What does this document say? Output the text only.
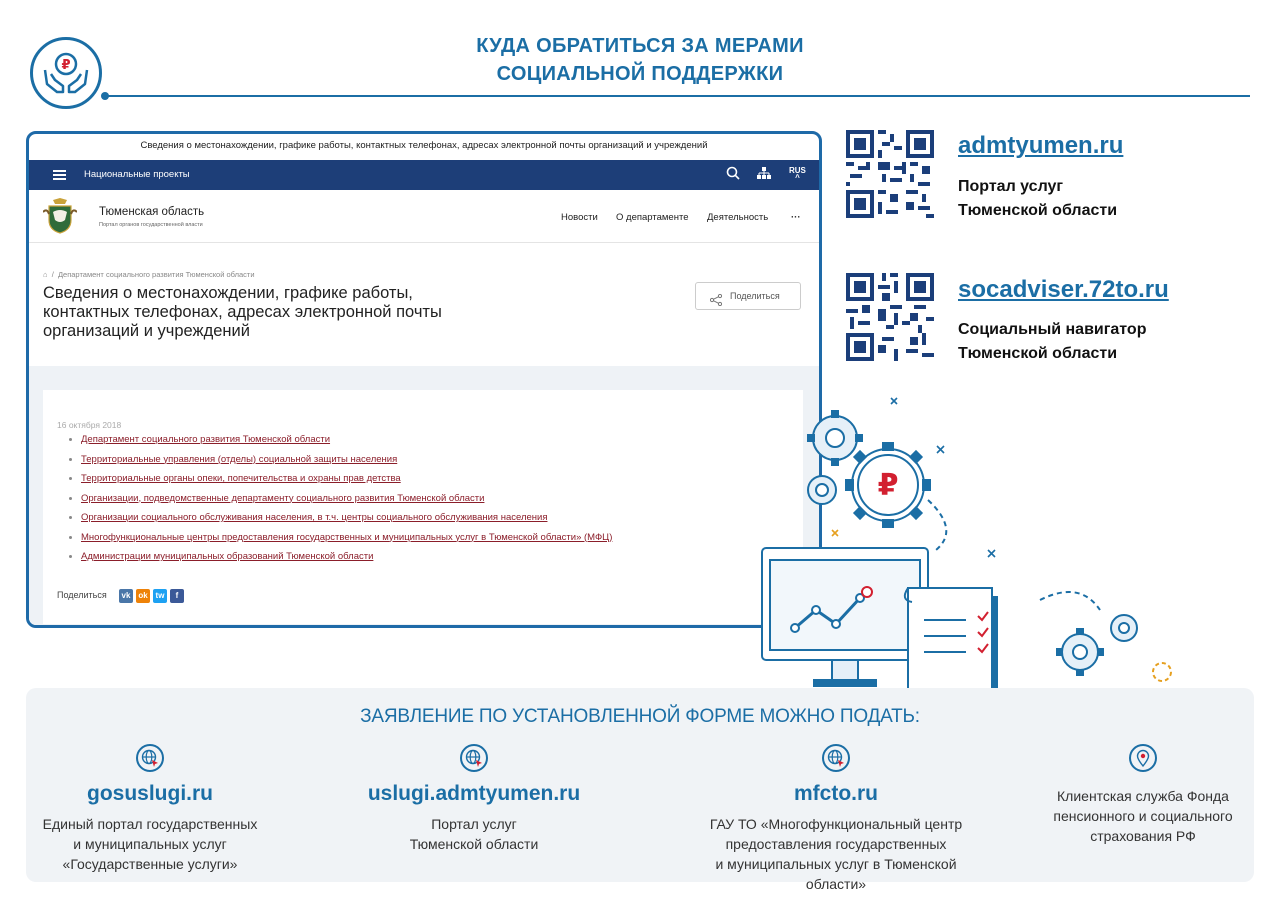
₽
КУДА ОБРАТИТЬСЯ ЗА МЕРАМИ
СОЦИАЛЬНОЙ ПОДДЕРЖКИ
Сведения о местонахождении, графике работы, контактных телефонах, адресах электронной почты организаций и учреждений
Национальные проекты	RUS
^
Тюменская область
Портал органов государственной власти
Новости О департаменте Деятельность ···
⌂  /  Департамент социального развития Тюменской области
Сведения о местонахождении, графике работы, контактных телефонах, адресах электронной почты организаций и учреждений
Поделиться
16 октября 2018
Департамент социального развития Тюменской области
Территориальные управления (отделы) социальной защиты населения
Территориальные органы опеки, попечительства и охраны прав детства
Организации, подведомственные департаменту социального развития Тюменской области
Организации социального обслуживания населения, в т.ч. центры социального обслуживания населения
Многофункциональные центры предоставления государственных и муниципальных услуг в Тюменской области» (МФЦ)
Администрации муниципальных образований Тюменской области
Поделиться	vk ok tw	f
admtyumen.ru
Портал услуг
Тюменской области
socadviser.72to.ru
Социальный навигатор
Тюменской области
₽
ЗАЯВЛЕНИЕ ПО УСТАНОВЛЕННОЙ ФОРМЕ МОЖНО ПОДАТЬ:
gosuslugi.ru
Единый портал государственных
и муниципальных услуг
«Государственные услуги»
uslugi.admtyumen.ru
Портал услуг
Тюменской области
mfcto.ru
ГАУ ТО «Многофункциональный центр
предоставления государственных
и муниципальных услуг в Тюменской области»
Клиентская служба Фонда
пенсионного и социального
страхования РФ
